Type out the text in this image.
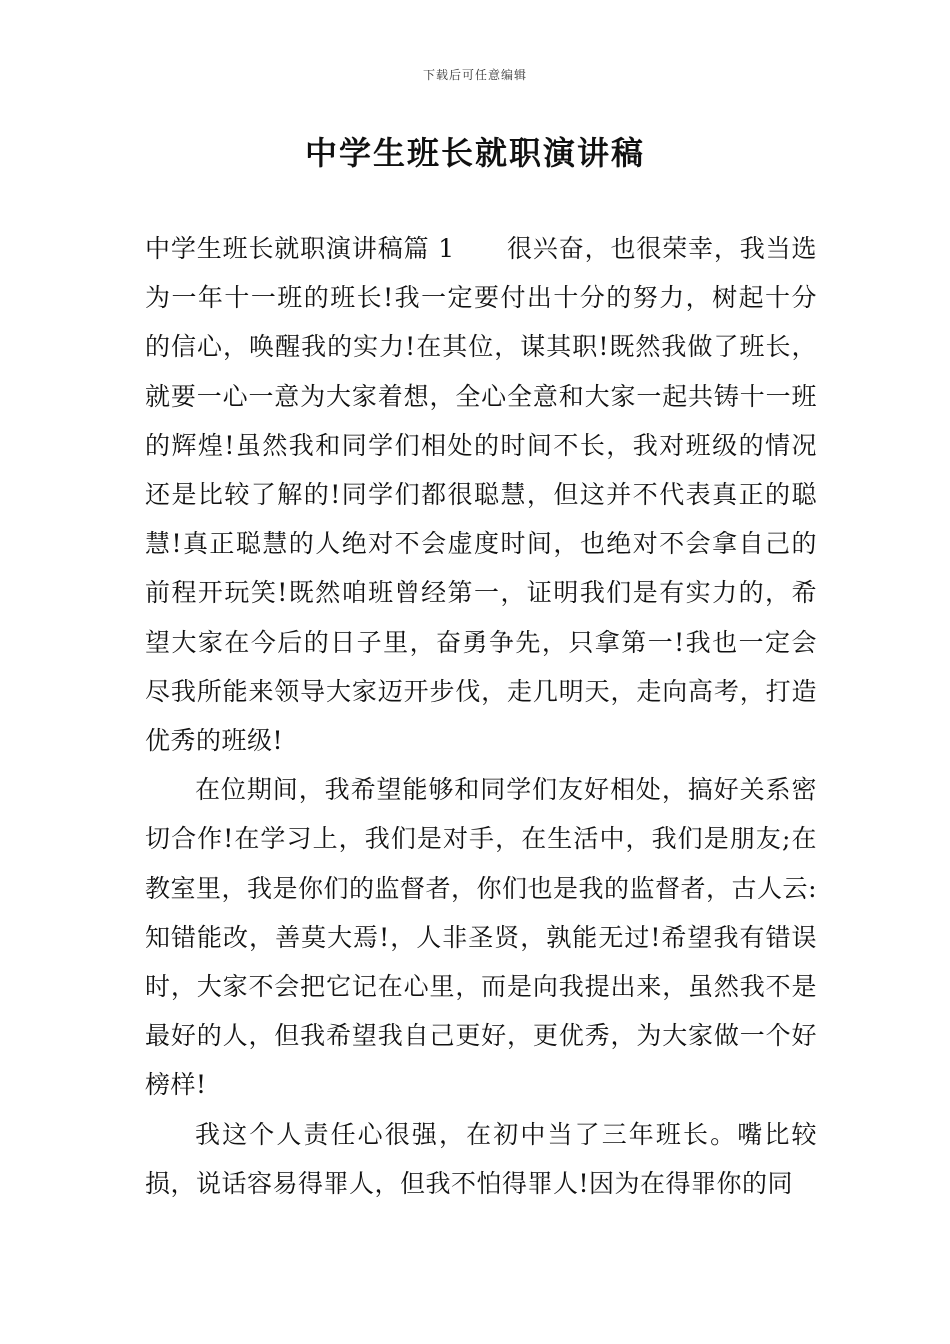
下载后可任意编辑
中学生班长就职演讲稿

中学生班长就职演讲稿篇 1 很兴奋，也很荣幸，我当选为一年十一班的班长!我一定要付出十分的努力，树起十分的信心，唤醒我的实力!在其位，谋其职!既然我做了班长，就要一心一意为大家着想，全心全意和大家一起共铸十一班的辉煌!虽然我和同学们相处的时间不长，我对班级的情况还是比较了解的!同学们都很聪慧，但这并不代表真正的聪慧!真正聪慧的人绝对不会虚度时间，也绝对不会拿自己的前程开玩笑!既然咱班曾经第一，证明我们是有实力的，希望大家在今后的日子里，奋勇争先，只拿第一!我也一定会尽我所能来领导大家迈开步伐，走几明天，走向高考，打造优秀的班级!

在位期间，我希望能够和同学们友好相处，搞好关系密切合作!在学习上，我们是对手，在生活中，我们是朋友;在教室里，我是你们的监督者，你们也是我的监督者，古人云:知错能改，善莫大焉!，人非圣贤，孰能无过!希望我有错误时，大家不会把它记在心里，而是向我提出来，虽然我不是最好的人，但我希望我自己更好，更优秀，为大家做一个好榜样!

我这个人责任心很强，在初中当了三年班长。嘴比较损，说话容易得罪人，但我不怕得罪人!因为在得罪你的同
